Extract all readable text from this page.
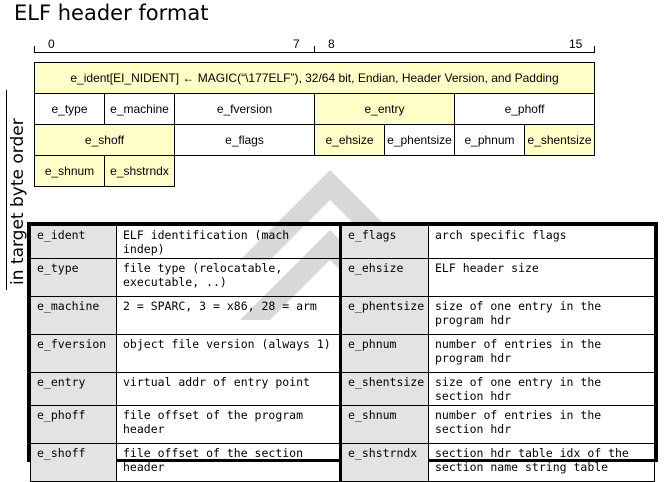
ELF header format
0	7 8	15
e_ident[EI_NIDENT] ← MAGIC(“\177ELF”), 32/64 bit, Endian, Header Version, and Padding
e_type	e_machine	e_fversion	e_entry	e_phoff
e_shoff	e_flags	e_ehsize	e_phentsize	e_phnum	e_shentsize
e_shnum	e_shstrndx
in target byte order e_ident	ELF identification (mach indep)	e_flags	arch specific flags
e_type	file type (relocatable, executable, ..)	e_ehsize	ELF header size
e_machine	2 = SPARC, 3 = x86, 28 = arm	e_phentsize	size of one entry in the program hdr
e_fversion	object file version (always 1)	e_phnum	number of entries in the program hdr
e_entry	virtual addr of entry point	e_shentsize	size of one entry in the section hdr
e_phoff	file offset of the program header	e_shnum	number of entries in the section hdr
e_shoff	file offset of the section header	e_shstrndx	section hdr table idx of the section name string table
